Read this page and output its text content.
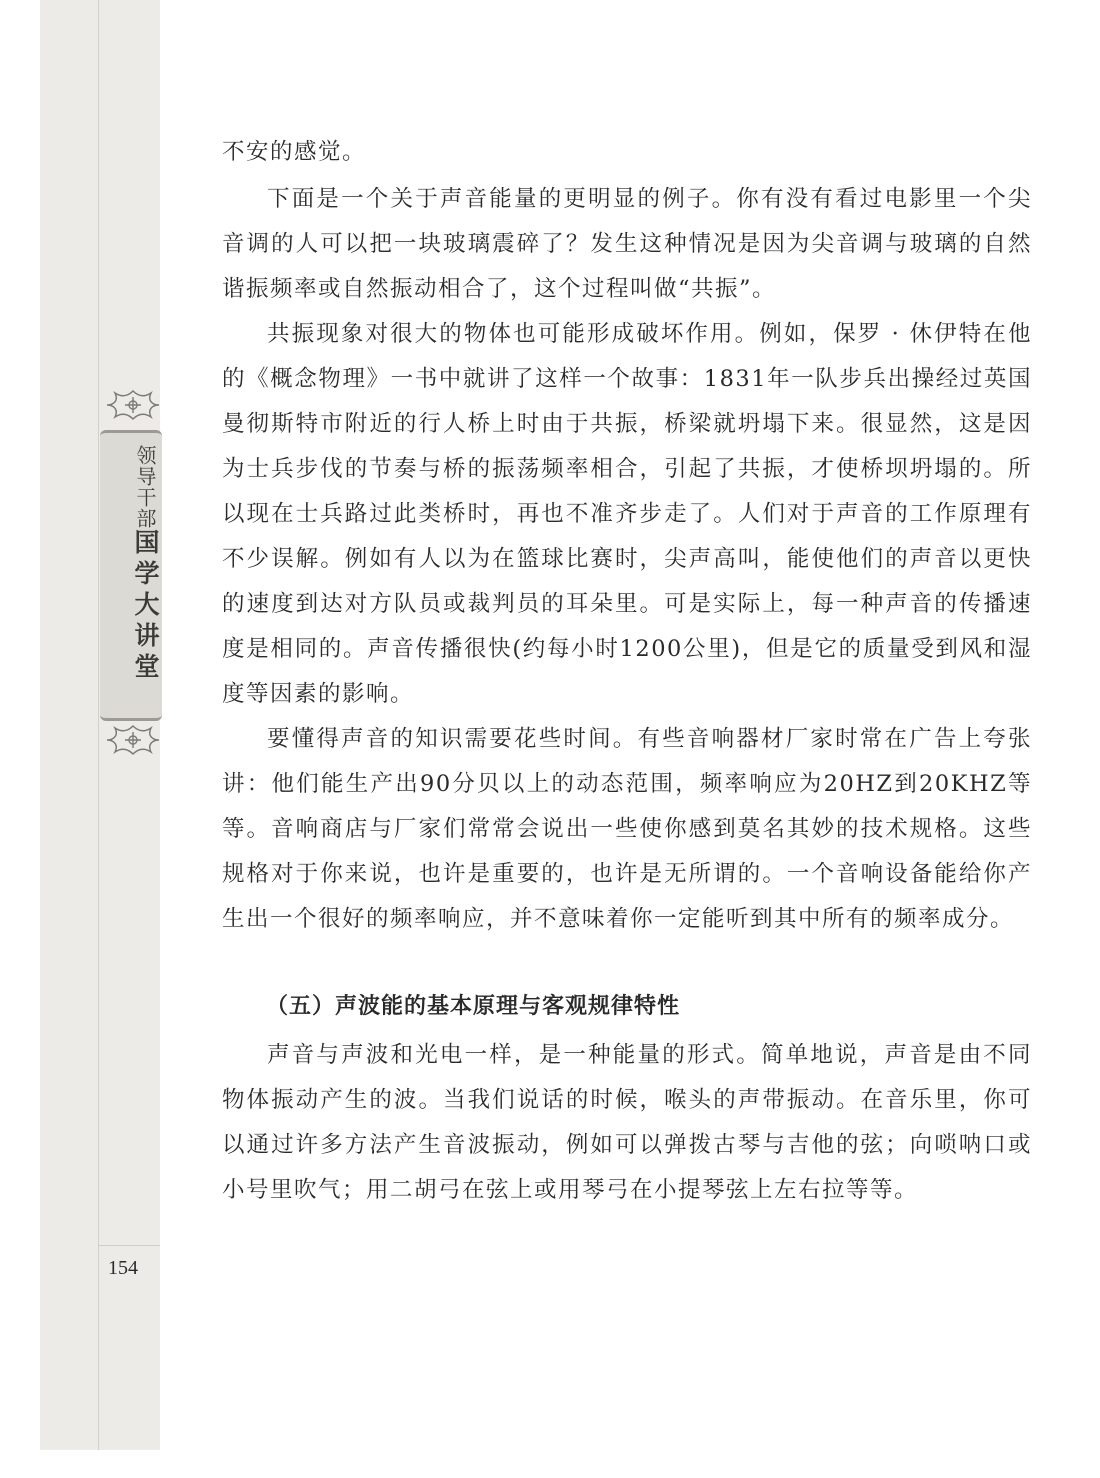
领导干部国学大讲堂
154

不安的感觉。

下面是一个关于声音能量的更明显的例子。你有没有看过电影里一个尖音调的人可以把一块玻璃震碎了？发生这种情况是因为尖音调与玻璃的自然谐振频率或自然振动相合了，这个过程叫做“共振”。

共振现象对很大的物体也可能形成破坏作用。例如，保罗 · 休伊特在他的《概念物理》一书中就讲了这样一个故事：1831年一队步兵出操经过英国曼彻斯特市附近的行人桥上时由于共振，桥梁就坍塌下来。很显然，这是因为士兵步伐的节奏与桥的振荡频率相合，引起了共振，才使桥坝坍塌的。所以现在士兵路过此类桥时，再也不准齐步走了。人们对于声音的工作原理有不少误解。例如有人以为在篮球比赛时，尖声高叫，能使他们的声音以更快的速度到达对方队员或裁判员的耳朵里。可是实际上，每一种声音的传播速度是相同的。声音传播很快(约每小时1200公里)，但是它的质量受到风和湿度等因素的影响。

要懂得声音的知识需要花些时间。有些音响器材厂家时常在广告上夸张讲：他们能生产出90分贝以上的动态范围，频率响应为20HZ到20KHZ等等。音响商店与厂家们常常会说出一些使你感到莫名其妙的技术规格。这些规格对于你来说，也许是重要的，也许是无所谓的。一个音响设备能给你产生出一个很好的频率响应，并不意味着你一定能听到其中所有的频率成分。

（五）声波能的基本原理与客观规律特性

声音与声波和光电一样，是一种能量的形式。简单地说，声音是由不同物体振动产生的波。当我们说话的时候，喉头的声带振动。在音乐里，你可以通过许多方法产生音波振动，例如可以弹拨古琴与吉他的弦；向唢呐口或小号里吹气；用二胡弓在弦上或用琴弓在小提琴弦上左右拉等等。
